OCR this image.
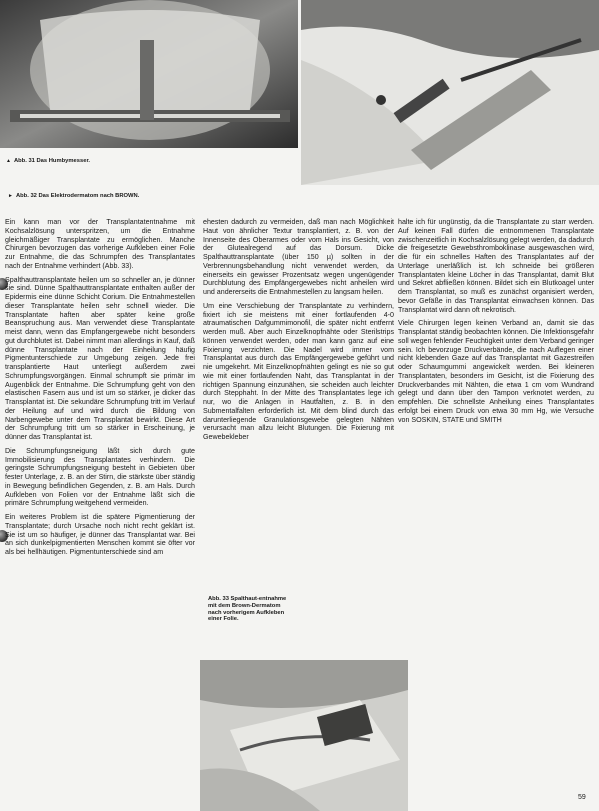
▲ Abb. 31 Das Humbymesser.
► Abb. 32 Das Elektrodermatom nach BROWN.

Ein kann man vor der Transplantatentnahme mit Kochsalzlösung unterspritzen, um die Entnahme gleichmäßiger Transplantate zu ermöglichen. Manche Chirurgen bevorzugen das vorherige Aufkleben einer Folie zur Entnahme, die das Schrumpfen des Transplantates nach der Entnahme verhindert (Abb. 33).

Spalthauttransplantate heilen um so schneller an, je dünner sie sind. Dünne Spalthauttransplantate enthalten außer der Epidermis eine dünne Schicht Corium. Die Entnahmestellen dieser Transplantate heilen sehr schnell wieder. Die Transplantate haften aber später keine große Beanspruchung aus. Man verwendet diese Transplantate meist dann, wenn das Empfangergewebe nicht besonders gut durchblutet ist. Dabei nimmt man allerdings in Kauf, daß dünne Transplantate nach der Einheilung häufig Pigmentunterschiede zur Umgebung zeigen. Jede frei transplantierte Haut unterliegt außerdem zwei Schrumpfungsvorgängen. Einmal schrumpft sie primär im Augenblick der Entnahme. Die Schrumpfung geht von den elastischen Fasern aus und ist um so stärker, je dicker das Transplantat ist. Die sekundäre Schrumpfung tritt im Verlauf der Heilung auf und wird durch die Bildung von Narbengewebe unter dem Transplantat bewirkt. Diese Art der Schrumpfung tritt um so stärker in Erscheinung, je dünner das Transplantat ist.

Die Schrumpfungsneigung läßt sich durch gute Immobilisierung des Transplantates verhindern. Die geringste Schrumpfungsneigung besteht in Gebieten über fester Unterlage, z. B. an der Stirn, die stärkste über ständig in Bewegung befindlichen Gegenden, z. B. am Hals. Durch Aufkleben von Folien vor der Entnahme läßt sich die primäre Schrumpfung weitgehend vermeiden.

Ein weiteres Problem ist die spätere Pigmentierung der Transplantate; durch Ursache noch nicht recht geklärt ist. Sie ist um so häufiger, je dünner das Transplantat war. Bei an sich dunkelpigmentierten Menschen kommt sie öfter vor als bei hellhäutigen. Pigmentunterschiede sind am

ehesten dadurch zu vermeiden, daß man nach Möglichkeit Haut von ähnlicher Textur transplantiert, z. B. von der Innenseite des Oberarmes oder vom Hals ins Gesicht, von der Glutealregend auf das Dorsum. Dicke Spalthauttransplantate (über 150 µ) sollten in der Verbrennungsbehandlung nicht verwendet werden, da einerseits ein gewisser Prozentsatz wegen ungenügender Durchblutung des Empfängergewebes nicht anheilen wird und andererseits die Entnahmestellen zu langsam heilen.

Um eine Verschiebung der Transplantate zu verhindern, fixiert ich sie meistens mit einer fortlaufenden 4-0 atraumatischen Dafgummimonofil, die später nicht entfernt werden muß. Aber auch Einzelknopfnähte oder Sterilstrips können verwendet werden, oder man kann ganz auf eine Fixierung verzichten. Die Nadel wird immer vom Transplantat aus durch das Empfängergewebe geführt und nie umgekehrt. Mit Einzelknopfnähten gelingt es nie so gut wie mit einer fortlaufenden Naht, das Transplantat in der richtigen Spannung einzunähen, sie scheiden auch leichter durch Stepphaht. In der Mitte des Transplantates lege ich nur, wo die Anlagen in Hautfalten, z. B. in den Submentalfalten erforderlich ist. Mit dem blind durch das darunterliegende Granulationsgewebe gelegten Nähten verursacht man allzu leicht Blutungen. Die Fixierung mit Gewebekleber

halte ich für ungünstig, da die Transplantate zu starr werden. Auf keinen Fall dürfen die entnommenen Transplantate zwischenzeitlich in Kochsalzlösung gelegt werden, da dadurch die freigesetzte Gewebsthromboklinase ausgewaschen wird, die für ein schnelles Haften des Transplantates auf der Unterlage unerläßlich ist. Ich schneide bei größeren Transplantaten kleine Löcher in das Transplantat, damit Blut und Sekret abfließen können. Bildet sich ein Blutkoagel unter dem Transplantat, so muß es zunächst organisiert werden, bevor Gefäße in das Transplantat einwachsen können. Das Transplantat wird dann oft nekrotisch.

Viele Chirurgen legen keinen Verband an, damit sie das Transplantat ständig beobachten können. Die Infektionsgefahr soll wegen fehlender Feuchtigkeit unter dem Verband geringer sein. Ich bevorzuge Druckverbände, die nach Auflegen einer nicht klebenden Gaze auf das Transplantat mit Gazestreifen oder Schaumgummi angewickelt werden. Bei kleineren Transplantaten, besonders im Gesicht, ist die Fixierung des Druckverbandes mit Nähten, die etwa 1 cm vom Wundrand gelegt und dann über den Tampon verknotet werden, zu empfehlen. Die schnellste Anheilung eines Transplantates erfolgt bei einem Druck von etwa 30 mm Hg, wie Versuche von SOSKIN, STATE und SMITH

Abb. 33 Spalthaut-entnahme mit dem Brown-Dermatom nach vorherigem Aufkleben einer Folie.
59
